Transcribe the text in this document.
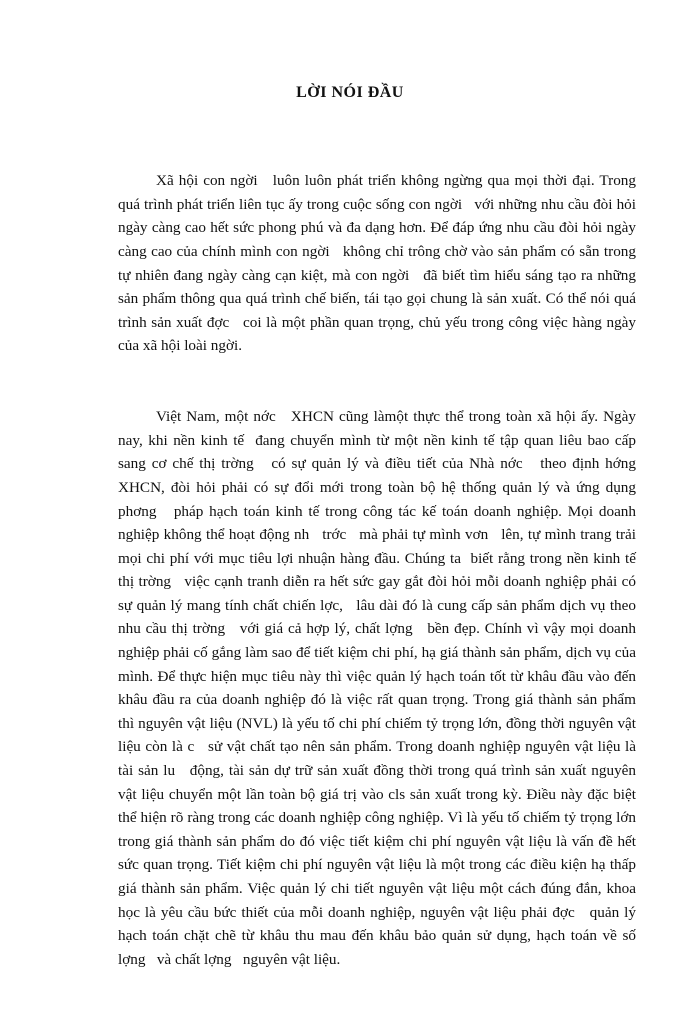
LỜI NÓI ĐẦU

Xã hội con ngời   luôn luôn phát triển không ngừng qua mọi thời đại. Trong quá trình phát triển liên tục ấy trong cuộc sống con ngời   với những nhu cầu đòi hỏi ngày càng cao hết sức phong phú và đa dạng hơn. Để đáp ứng nhu cầu đòi hỏi ngày càng cao của chính mình con ngời   không chỉ trông chờ vào sản phẩm có sẵn trong tự nhiên đang ngày càng cạn kiệt, mà con ngời   đã biết tìm hiểu sáng tạo ra những sản phẩm thông qua quá trình chế biến, tái tạo gọi chung là sản xuất. Có thể nói quá trình sản xuất đợc   coi là một phần quan trọng, chủ yếu trong công việc hàng ngày của xã hội loài ngời.

Việt Nam, một nớc   XHCN cũng làmột thực thể trong toàn xã hội ấy. Ngày nay, khi nền kinh tế  đang chuyển mình từ một nền kinh tế tập quan liêu bao cấp sang cơ chế thị trờng   có sự quản lý và điều tiết của Nhà nớc   theo định hớng   XHCN, đòi hỏi phải có sự đổi mới trong toàn bộ hệ thống quản lý và ứng dụng phơng   pháp hạch toán kinh tế trong công tác kế toán doanh nghiệp. Mọi doanh nghiệp không thể hoạt động nh   trớc   mà phải tự mình vơn   lên, tự mình trang trải mọi chi phí với mục tiêu lợi nhuận hàng đầu. Chúng ta  biết rằng trong nền kinh tế thị trờng   việc cạnh tranh diễn ra hết sức gay gắt đòi hỏi mỗi doanh nghiệp phải có sự quản lý mang tính chất chiến lợc,   lâu dài đó là cung cấp sản phẩm dịch vụ theo nhu cầu thị trờng   với giá cả hợp lý, chất lợng   bền đẹp. Chính vì vậy mọi doanh nghiệp phải cố gắng làm sao để tiết kiệm chi phí, hạ giá thành sản phẩm, dịch vụ của mình. Để thực hiện mục tiêu này thì việc quản lý hạch toán tốt từ khâu đầu vào đến khâu đầu ra của doanh nghiệp đó là việc rất quan trọng. Trong giá thành sản phẩm thì nguyên vật liệu (NVL) là yếu tố chi phí chiếm tỷ trọng lớn, đồng thời nguyên vật liệu còn là c   sử vật chất tạo nên sản phẩm. Trong doanh nghiệp nguyên vật liệu là tài sản lu   động, tài sản dự trữ sản xuất đồng thời trong quá trình sản xuất nguyên vật liệu chuyển một lần toàn bộ giá trị vào cls sản xuất trong kỳ. Điều này đặc biệt thể hiện rõ ràng trong các doanh nghiệp công nghiệp. Vì là yếu tố chiếm tỷ trọng lớn trong giá thành sản phẩm do đó việc tiết kiệm chi phí nguyên vật liệu là vấn đề hết sức quan trọng. Tiết kiệm chi phí nguyên vật liệu là một trong các điều kiện hạ thấp giá thành sản phẩm. Việc quản lý chi tiết nguyên vật liệu một cách đúng đắn, khoa học là yêu cầu bức thiết của mỗi doanh nghiệp, nguyên vật liệu phải đợc   quản lý hạch toán chặt chẽ từ khâu thu mau đến khâu bảo quản sử dụng, hạch toán về số lợng   và chất lợng   nguyên vật liệu.
